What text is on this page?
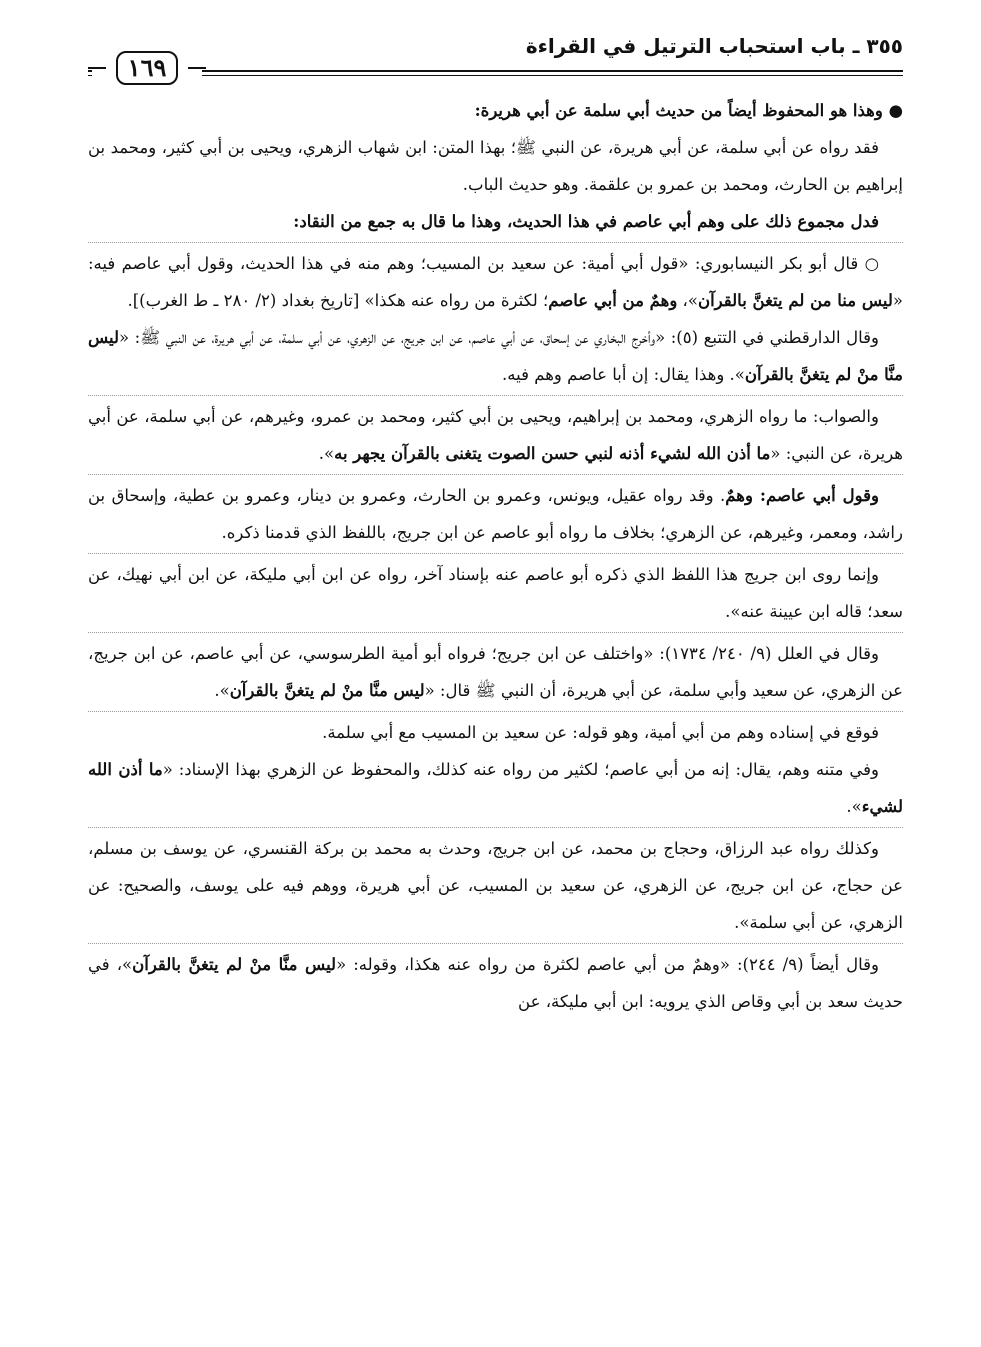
٣٥٥ ـ باب استحباب الترتيل في القراءة
١٦٩

● وهذا هو المحفوظ أيضاً من حديث أبي سلمة عن أبي هريرة:

فقد رواه عن أبي سلمة، عن أبي هريرة، عن النبي ﷺ؛ بهذا المتن: ابن شهاب الزهري، ويحيى بن أبي كثير، ومحمد بن إبراهيم بن الحارث، ومحمد بن عمرو بن علقمة. وهو حديث الباب.

فدل مجموع ذلك على وهم أبي عاصم في هذا الحديث، وهذا ما قال به جمع من النقاد:

○ قال أبو بكر النيسابوري: «قول أبي أمية: عن سعيد بن المسيب؛ وهم منه في هذا الحديث، وقول أبي عاصم فيه: «ليس منا من لم يتغنَّ بالقرآن»، وهمٌ من أبي عاصم؛ لكثرة من رواه عنه هكذا» [تاريخ بغداد (٢/ ٢٨٠ ـ ط الغرب)].

وقال الدارقطني في التتبع (٥): «وأخرج البخاري عن إسحاق، عن أبي عاصم، عن ابن جريج، عن الزهري، عن أبي سلمة، عن أبي هريرة، عن النبي ﷺ: «ليس منَّا منْ لم يتغنَّ بالقرآن». وهذا يقال: إن أبا عاصم وهم فيه.

والصواب: ما رواه الزهري، ومحمد بن إبراهيم، ويحيى بن أبي كثير، ومحمد بن عمرو، وغيرهم، عن أبي سلمة، عن أبي هريرة، عن النبي: «ما أذن الله لشيء أذنه لنبي حسن الصوت يتغنى بالقرآن يجهر به».

وقول أبي عاصم: وهمٌ. وقد رواه عقيل، ويونس، وعمرو بن الحارث، وعمرو بن دينار، وعمرو بن عطية، وإسحاق بن راشد، ومعمر، وغيرهم، عن الزهري؛ بخلاف ما رواه أبو عاصم عن ابن جريج، باللفظ الذي قدمنا ذكره.

وإنما روى ابن جريج هذا اللفظ الذي ذكره أبو عاصم عنه بإسناد آخر، رواه عن ابن أبي مليكة، عن ابن أبي نهيك، عن سعد؛ قاله ابن عيينة عنه».

وقال في العلل (٩/ ٢٤٠/ ١٧٣٤): «واختلف عن ابن جريج؛ فرواه أبو أمية الطرسوسي، عن أبي عاصم، عن ابن جريج، عن الزهري، عن سعيد وأبي سلمة، عن أبي هريرة، أن النبي ﷺ قال: «ليس منَّا منْ لم يتغنَّ بالقرآن».

فوقع في إسناده وهم من أبي أمية، وهو قوله: عن سعيد بن المسيب مع أبي سلمة.

وفي متنه وهم، يقال: إنه من أبي عاصم؛ لكثير من رواه عنه كذلك، والمحفوظ عن الزهري بهذا الإسناد: «ما أذن الله لشيء».

وكذلك رواه عبد الرزاق، وحجاج بن محمد، عن ابن جريج، وحدث به محمد بن بركة القنسري، عن يوسف بن مسلم، عن حجاج، عن ابن جريج، عن الزهري، عن سعيد بن المسيب، عن أبي هريرة، ووهم فيه على يوسف، والصحيح: عن الزهري، عن أبي سلمة».

وقال أيضاً (٩/ ٢٤٤): «وهمٌ من أبي عاصم لكثرة من رواه عنه هكذا، وقوله: «ليس منَّا منْ لم يتغنَّ بالقرآن»، في حديث سعد بن أبي وقاص الذي يرويه: ابن أبي مليكة، عن
